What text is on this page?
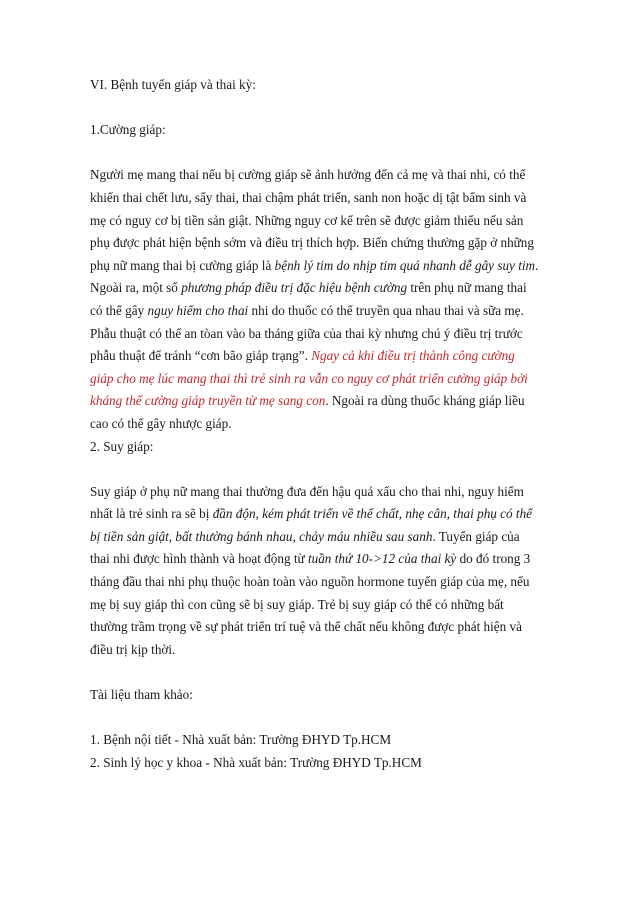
VI. Bệnh tuyến giáp và thai kỳ:
1.Cường giáp:
Người mẹ mang thai nếu bị cường giáp sẽ ảnh hưởng đến cả mẹ và thai nhi, có thể
khiến thai chết lưu, sẩy thai, thai chậm phát triển, sanh non hoặc dị tật bẩm sinh và
mẹ có nguy cơ bị tiền sản giật. Những nguy cơ kể trên sẽ được giảm thiểu nếu sản
phụ được phát hiện bệnh sớm và điều trị thích hợp. Biến chứng thường gặp ở những
phụ nữ mang thai bị cường giáp là bệnh lý tim do nhịp tim quá nhanh dễ gây suy tim.
Ngoài ra, một số phương pháp điều trị đặc hiệu bệnh cường trên phụ nữ mang thai
có thể gây nguy hiểm cho thai nhi do thuốc có thể truyền qua nhau thai và sữa mẹ.
Phẫu thuật có thể an tòan vào ba tháng giữa của thai kỳ nhưng chú ý điều trị trước
phẫu thuật để tránh “cơn bão giáp trạng”. Ngay cả khi điều trị thành công cường
giáp cho mẹ lúc mang thai thì trẻ sinh ra vẫn co nguy cơ phát triển cường giáp bởi
kháng thể cường giáp truyền từ mẹ sang con. Ngoài ra dùng thuốc kháng giáp liều
cao có thể gây nhược giáp.
2. Suy giáp:
Suy giáp ở phụ nữ mang thai thường đưa đến hậu quả xấu cho thai nhi, nguy hiểm
nhất là trẻ sinh ra sẽ bị đần độn, kém phát triển về thể chất, nhẹ cân, thai phụ có thể
bị tiền sản giật, bất thường bánh nhau, chảy máu nhiều sau sanh. Tuyến giáp của
thai nhi được hình thành và hoạt động từ tuần thứ 10->12 của thai kỳ do đó trong 3
tháng đầu thai nhi phụ thuộc hoàn toàn vào nguồn hormone tuyến giáp của mẹ, nếu
mẹ bị suy giáp thì con cũng sẽ bị suy giáp. Trẻ bị suy giáp có thể có những bất
thường trầm trọng về sự phát triển trí tuệ và thể chất nếu không được phát hiện và
điều trị kịp thời.
Tài liệu tham khảo:
1. Bệnh nội tiết - Nhà xuất bản: Trường ĐHYD Tp.HCM
2. Sinh lý học y khoa - Nhà xuất bản: Trường ĐHYD Tp.HCM
